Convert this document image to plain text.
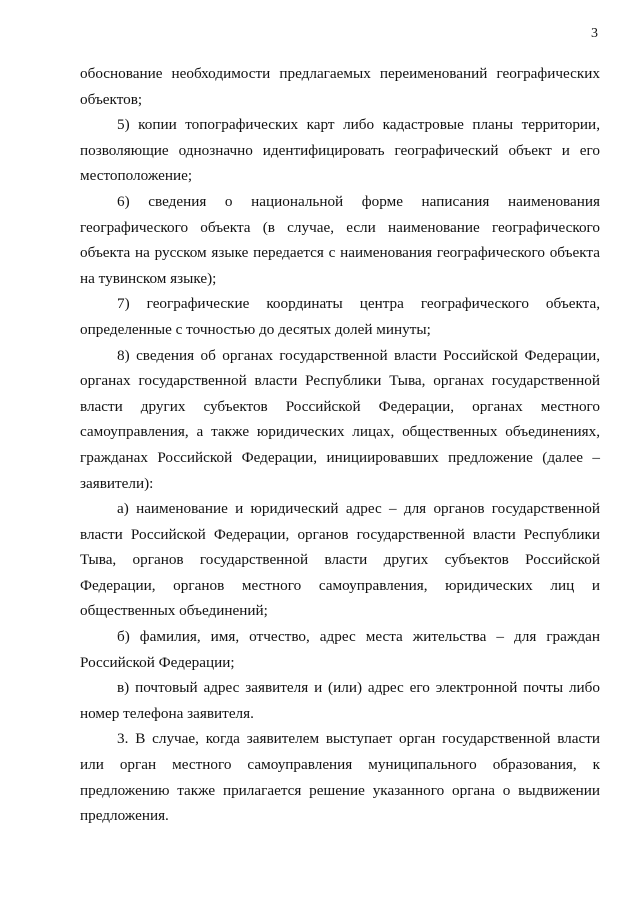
3

обоснование необходимости предлагаемых переименований географических объектов;

5) копии топографических карт либо кадастровые планы территории, позволяющие однозначно идентифицировать географический объект и его местоположение;

6) сведения о национальной форме написания наименования географического объекта (в случае, если наименование географического объекта на русском языке передается с наименования географического объекта на тувинском языке);

7) географические координаты центра географического объекта, определенные с точностью до десятых долей минуты;

8) сведения об органах государственной власти Российской Федерации, органах государственной власти Республики Тыва, органах государственной власти других субъектов Российской Федерации, органах местного самоуправления, а также юридических лицах, общественных объединениях, гражданах Российской Федерации, инициировавших предложение (далее – заявители):

а) наименование и юридический адрес – для органов государственной власти Российской Федерации, органов государственной власти Республики Тыва, органов государственной власти других субъектов Российской Федерации, органов местного самоуправления, юридических лиц и общественных объединений;

б) фамилия, имя, отчество, адрес места жительства – для граждан Российской Федерации;

в) почтовый адрес заявителя и (или) адрес его электронной почты либо номер телефона заявителя.

3. В случае, когда заявителем выступает орган государственной власти или орган местного самоуправления муниципального образования, к предложению также прилагается решение указанного органа о выдвижении предложения.
